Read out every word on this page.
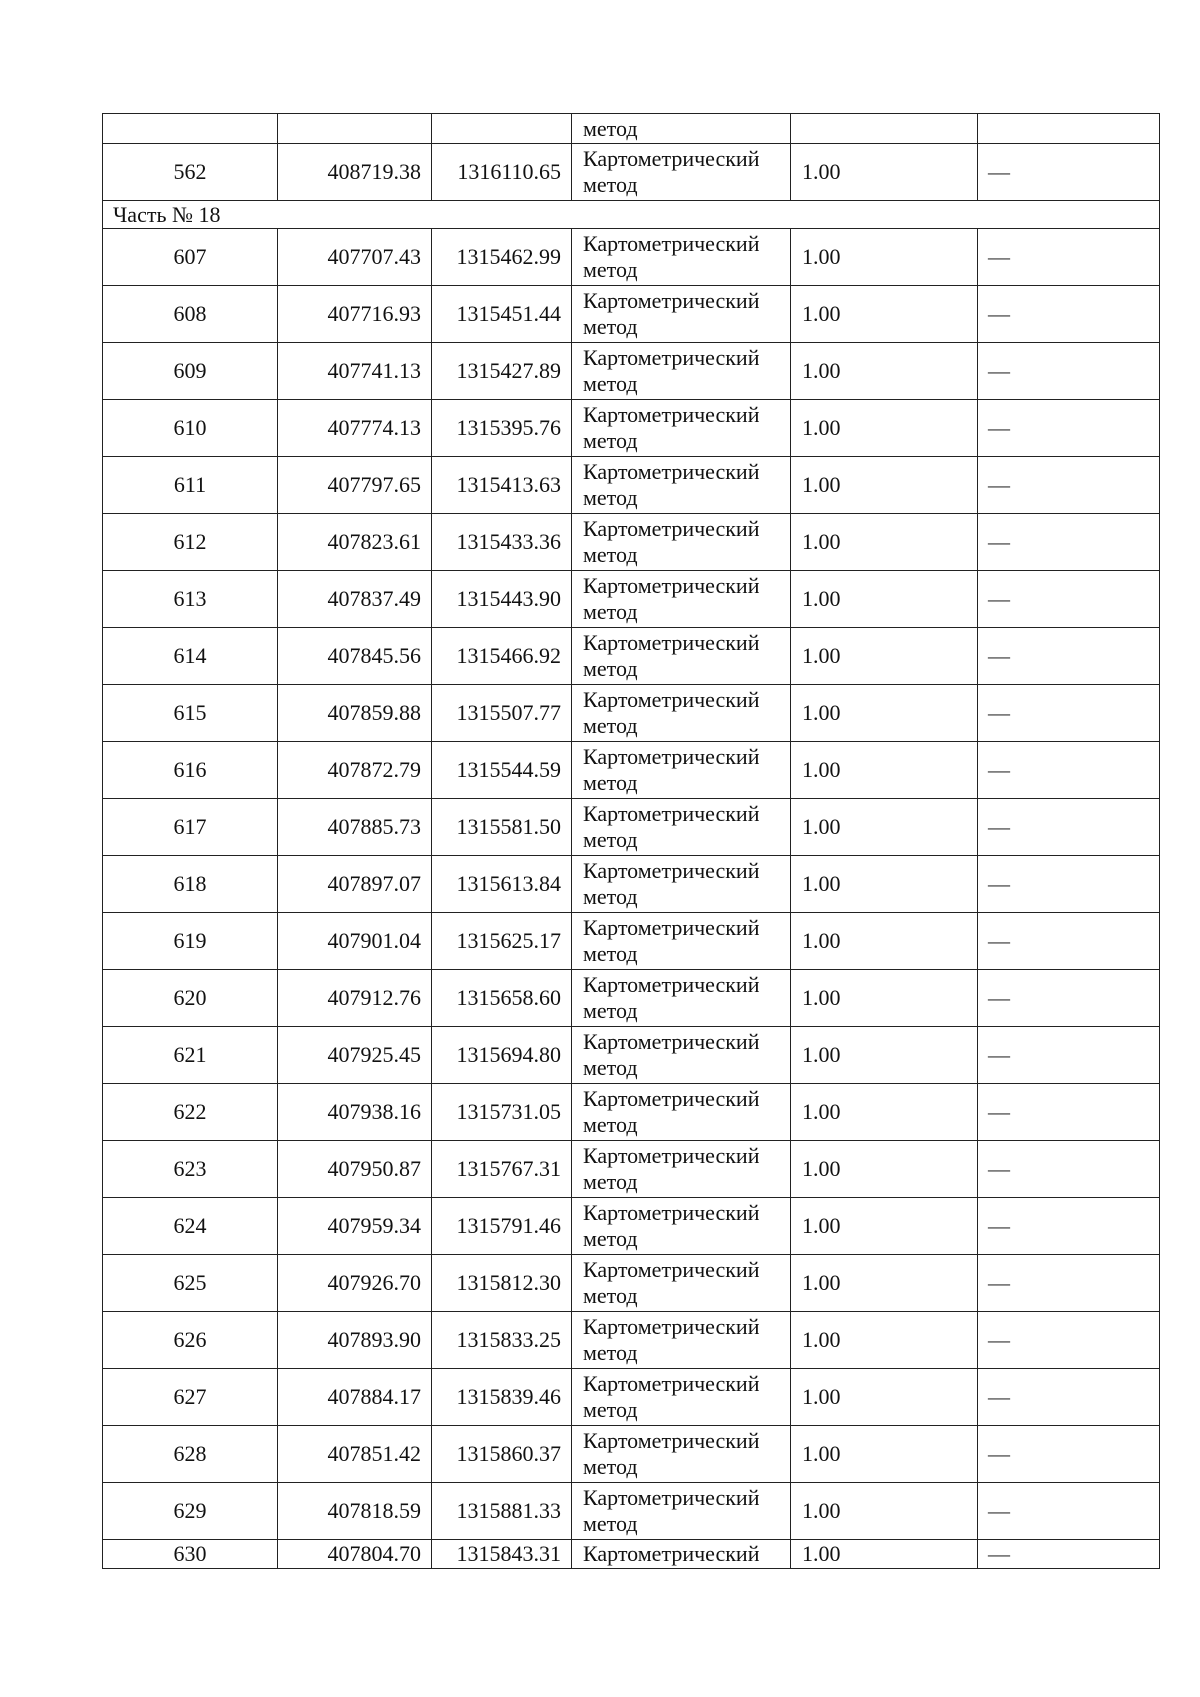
			метод		

562	408719.38	1316110.65	Картометрический
метод	1.00	—
Часть № 18					
607	407707.43	1315462.99	Картометрический
метод	1.00	—
608	407716.93	1315451.44	Картометрический
метод	1.00	—
609	407741.13	1315427.89	Картометрический
метод	1.00	—
610	407774.13	1315395.76	Картометрический
метод	1.00	—
611	407797.65	1315413.63	Картометрический
метод	1.00	—
612	407823.61	1315433.36	Картометрический
метод	1.00	—
613	407837.49	1315443.90	Картометрический
метод	1.00	—
614	407845.56	1315466.92	Картометрический
метод	1.00	—
615	407859.88	1315507.77	Картометрический
метод	1.00	—
616	407872.79	1315544.59	Картометрический
метод	1.00	—
617	407885.73	1315581.50	Картометрический
метод	1.00	—
618	407897.07	1315613.84	Картометрический
метод	1.00	—
619	407901.04	1315625.17	Картометрический
метод	1.00	—
620	407912.76	1315658.60	Картометрический
метод	1.00	—
621	407925.45	1315694.80	Картометрический
метод	1.00	—
622	407938.16	1315731.05	Картометрический
метод	1.00	—
623	407950.87	1315767.31	Картометрический
метод	1.00	—
624	407959.34	1315791.46	Картометрический
метод	1.00	—
625	407926.70	1315812.30	Картометрический
метод	1.00	—
626	407893.90	1315833.25	Картометрический
метод	1.00	—
627	407884.17	1315839.46	Картометрический
метод	1.00	—
628	407851.42	1315860.37	Картометрический
метод	1.00	—
629	407818.59	1315881.33	Картометрический
метод	1.00	—
630	407804.70	1315843.31	Картометрический	1.00	—
